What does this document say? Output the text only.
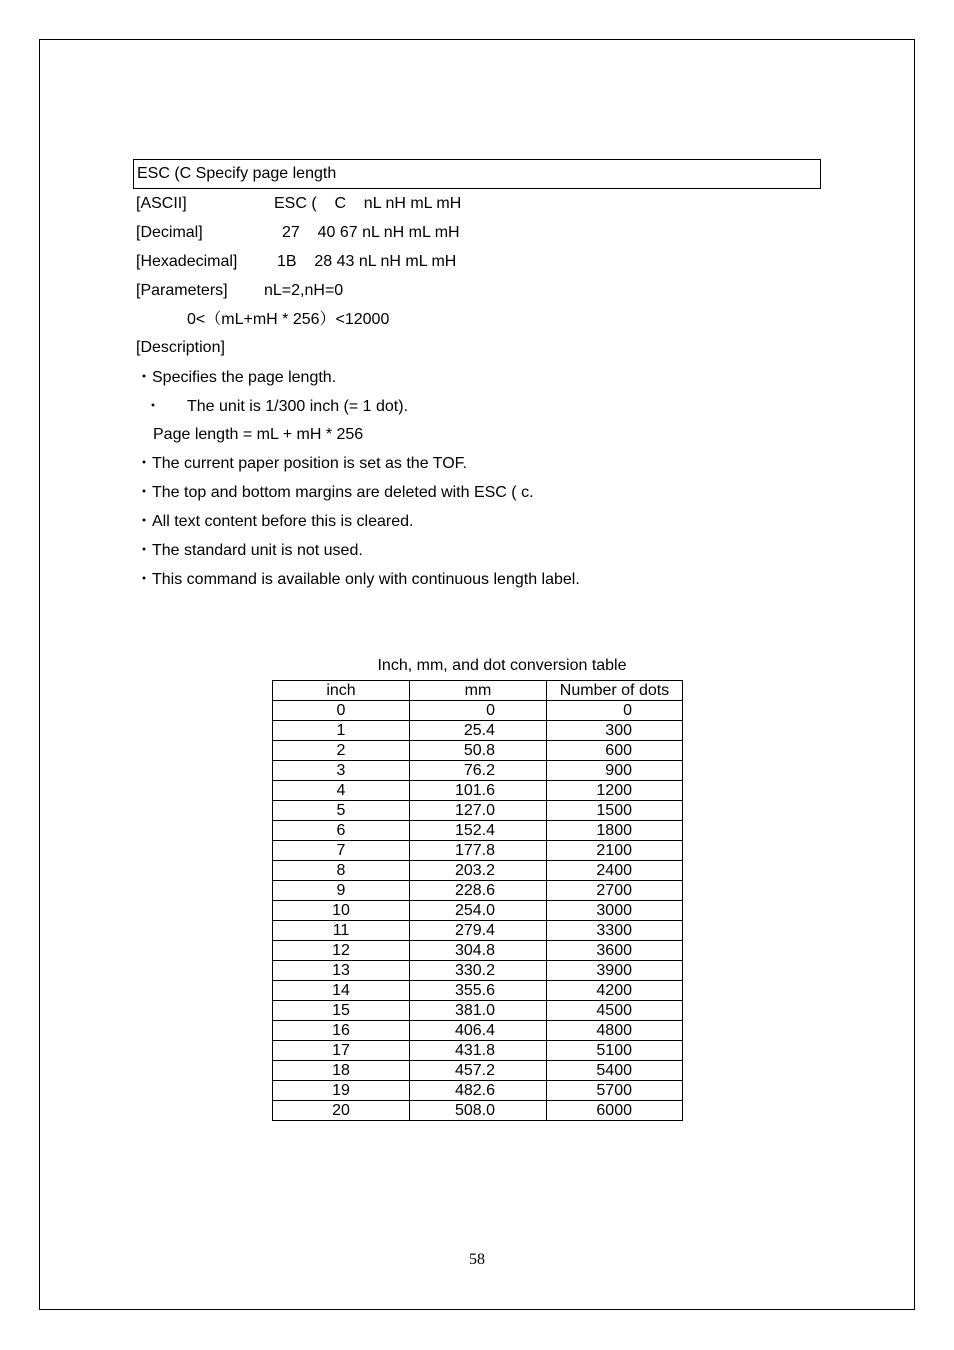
ESC (C Specify page length
[ASCII]	ESC (    C    nL nH mL mH
[Decimal]	27    40 67 nL nH mL mH
[Hexadecimal] 1B    28 43 nL nH mL mH
[Parameters] nL=2,nH=0
0<（mL+mH * 256）<12000
[Description]
・Specifies the page length.
・ The unit is 1/300 inch (= 1 dot).
Page length = mL + mH * 256
・The current paper position is set as the TOF.
・The top and bottom margins are deleted with ESC ( c.
・All text content before this is cleared.
・The standard unit is not used.
・This command is available only with continuous length label.
Inch, mm, and dot conversion table
inch	mm	Number of dots
0	0	0
1	25.4	300
2	50.8	600
3	76.2	900
4	101.6	1200
5	127.0	1500
6	152.4	1800
7	177.8	2100
8	203.2	2400
9	228.6	2700
10	254.0	3000
11	279.4	3300
12	304.8	3600
13	330.2	3900
14	355.6	4200
15	381.0	4500
16	406.4	4800
17	431.8	5100
18	457.2	5400
19	482.6	5700
20	508.0	6000
58
